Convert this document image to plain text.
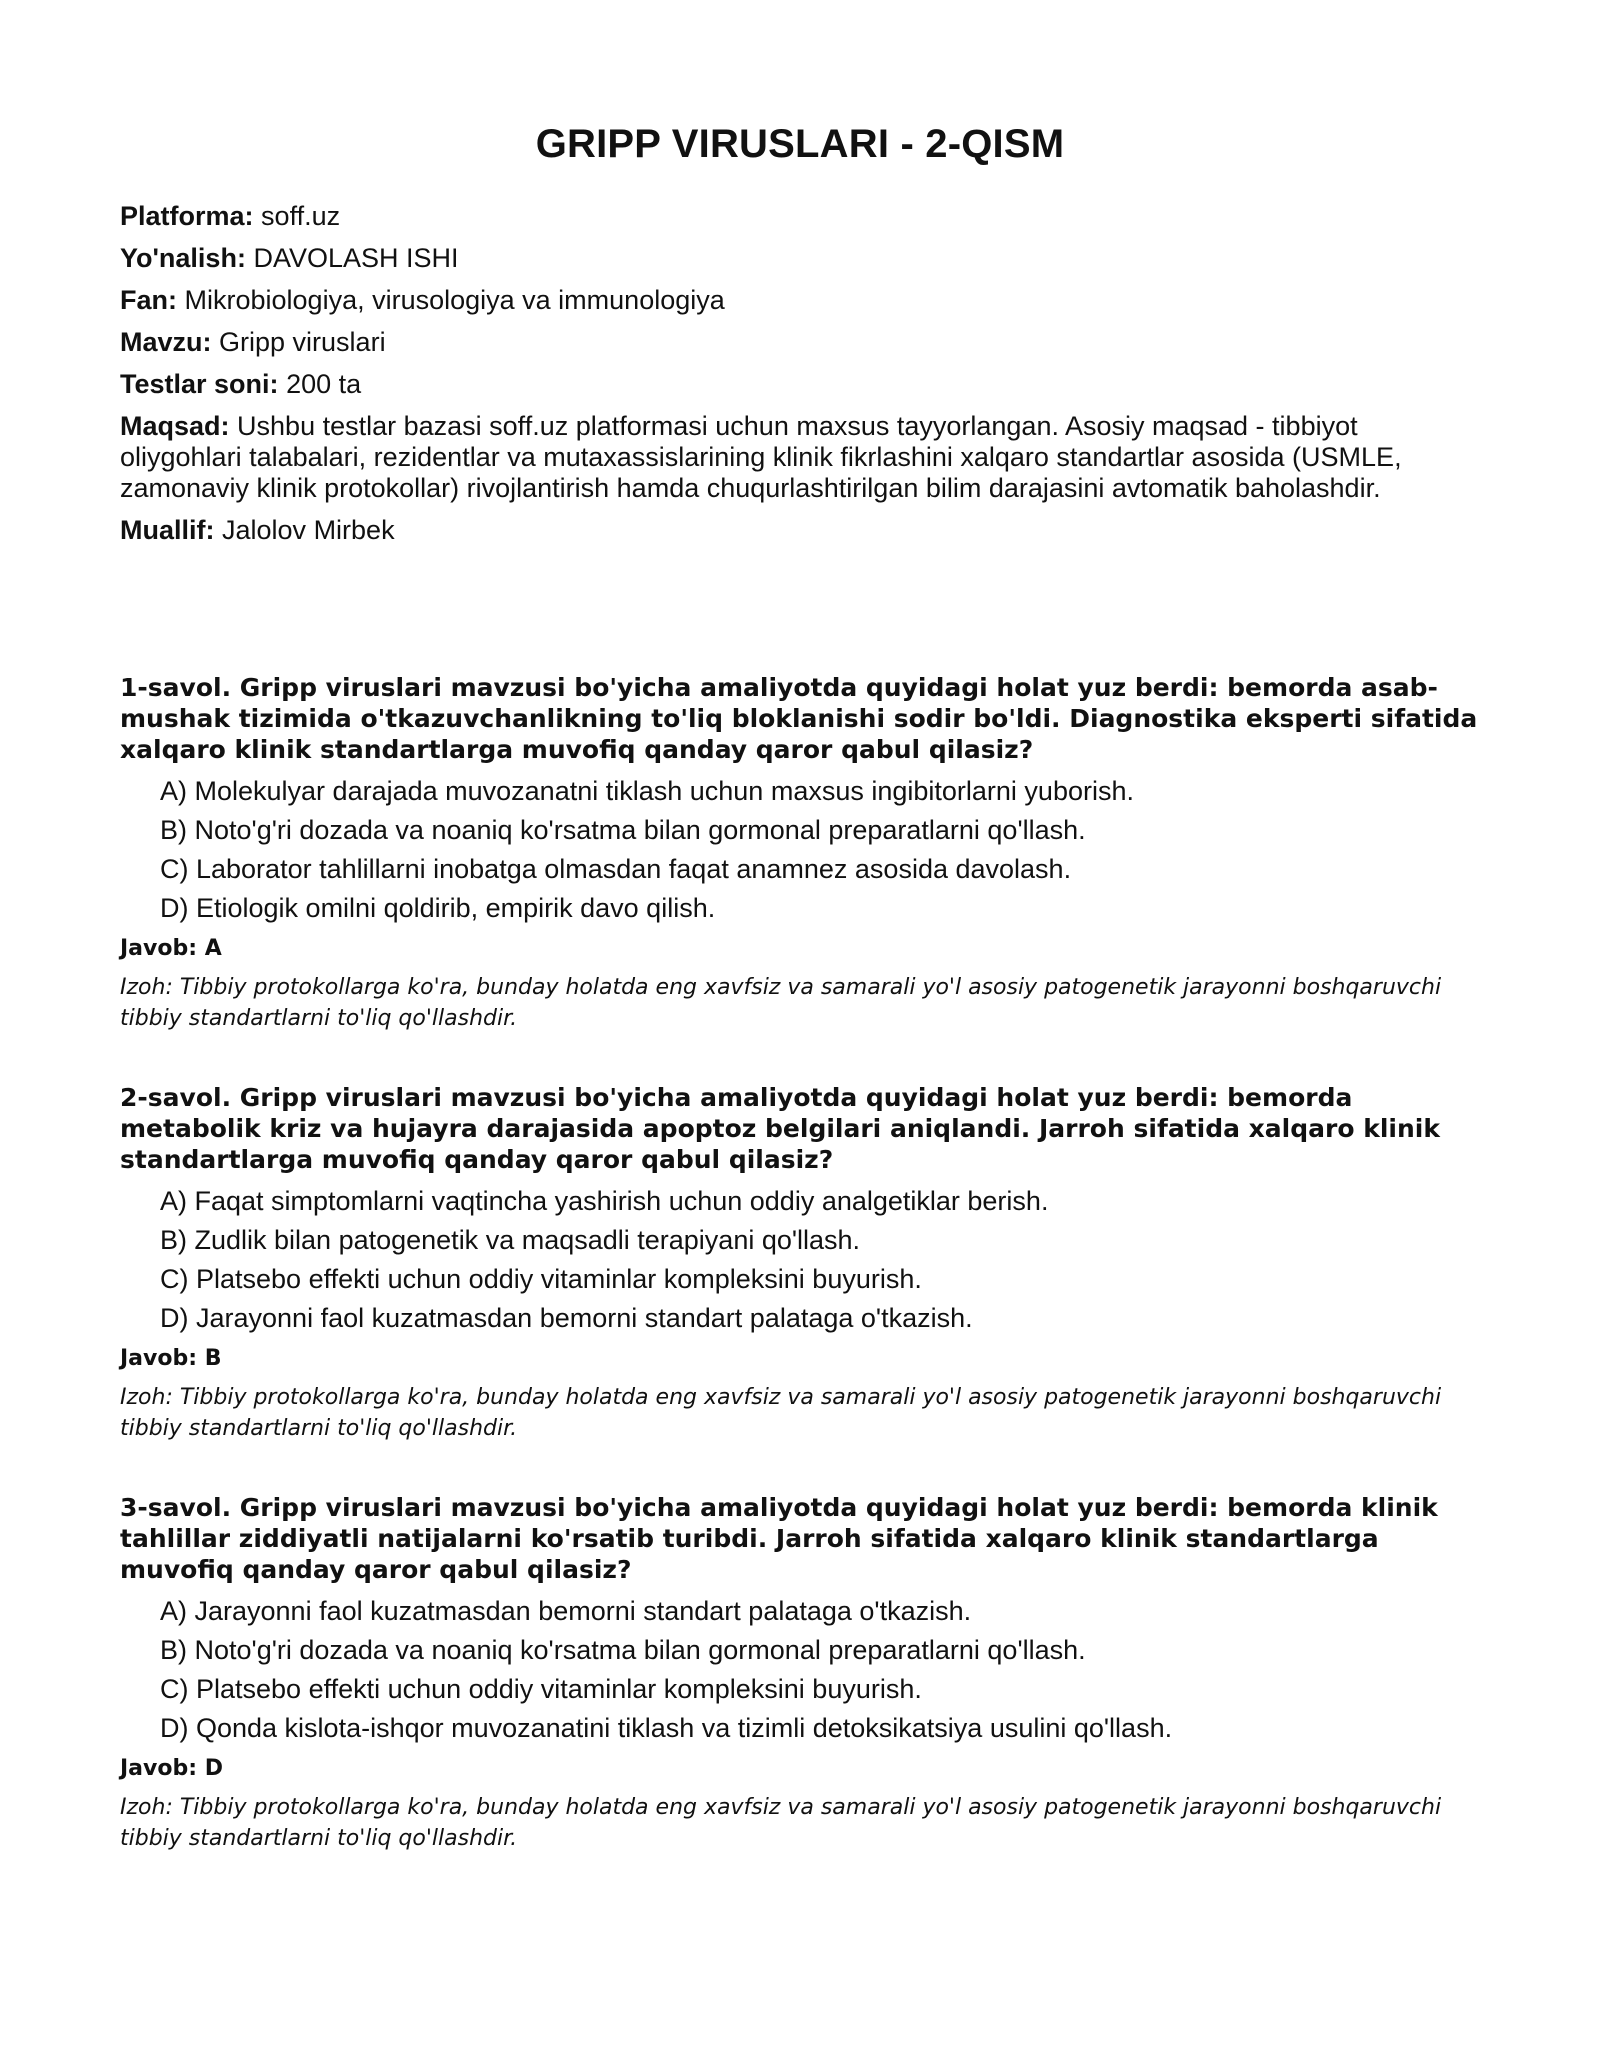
GRIPP VIRUSLARI - 2-QISM
Platforma: soff.uz
Yo'nalish: DAVOLASH ISHI
Fan: Mikrobiologiya, virusologiya va immunologiya
Mavzu: Gripp viruslari
Testlar soni: 200 ta
Maqsad: Ushbu testlar bazasi soff.uz platformasi uchun maxsus tayyorlangan. Asosiy maqsad - tibbiyot oliygohlari talabalari, rezidentlar va mutaxassislarining klinik fikrlashini xalqaro standartlar asosida (USMLE, zamonaviy klinik protokollar) rivojlantirish hamda chuqurlashtirilgan bilim darajasini avtomatik baholashdir.
Muallif: Jalolov Mirbek
1-savol. Gripp viruslari mavzusi bo'yicha amaliyotda quyidagi holat yuz berdi: bemorda asab-mushak tizimida o'tkazuvchanlikning to'liq bloklanishi sodir bo'ldi. Diagnostika eksperti sifatida xalqaro klinik standartlarga muvofiq qanday qaror qabul qilasiz?
A) Molekulyar darajada muvozanatni tiklash uchun maxsus ingibitorlarni yuborish.
B) Noto'g'ri dozada va noaniq ko'rsatma bilan gormonal preparatlarni qo'llash.
C) Laborator tahlillarni inobatga olmasdan faqat anamnez asosida davolash.
D) Etiologik omilni qoldirib, empirik davo qilish.
Javob: A
Izoh: Tibbiy protokollarga ko'ra, bunday holatda eng xavfsiz va samarali yo'l asosiy patogenetik jarayonni boshqaruvchi tibbiy standartlarni to'liq qo'llashdir.
2-savol. Gripp viruslari mavzusi bo'yicha amaliyotda quyidagi holat yuz berdi: bemorda metabolik kriz va hujayra darajasida apoptoz belgilari aniqlandi. Jarroh sifatida xalqaro klinik standartlarga muvofiq qanday qaror qabul qilasiz?
A) Faqat simptomlarni vaqtincha yashirish uchun oddiy analgetiklar berish.
B) Zudlik bilan patogenetik va maqsadli terapiyani qo'llash.
C) Platsebo effekti uchun oddiy vitaminlar kompleksini buyurish.
D) Jarayonni faol kuzatmasdan bemorni standart palataga o'tkazish.
Javob: B
Izoh: Tibbiy protokollarga ko'ra, bunday holatda eng xavfsiz va samarali yo'l asosiy patogenetik jarayonni boshqaruvchi tibbiy standartlarni to'liq qo'llashdir.
3-savol. Gripp viruslari mavzusi bo'yicha amaliyotda quyidagi holat yuz berdi: bemorda klinik tahlillar ziddiyatli natijalarni ko'rsatib turibdi. Jarroh sifatida xalqaro klinik standartlarga muvofiq qanday qaror qabul qilasiz?
A) Jarayonni faol kuzatmasdan bemorni standart palataga o'tkazish.
B) Noto'g'ri dozada va noaniq ko'rsatma bilan gormonal preparatlarni qo'llash.
C) Platsebo effekti uchun oddiy vitaminlar kompleksini buyurish.
D) Qonda kislota-ishqor muvozanatini tiklash va tizimli detoksikatsiya usulini qo'llash.
Javob: D
Izoh: Tibbiy protokollarga ko'ra, bunday holatda eng xavfsiz va samarali yo'l asosiy patogenetik jarayonni boshqaruvchi tibbiy standartlarni to'liq qo'llashdir.
